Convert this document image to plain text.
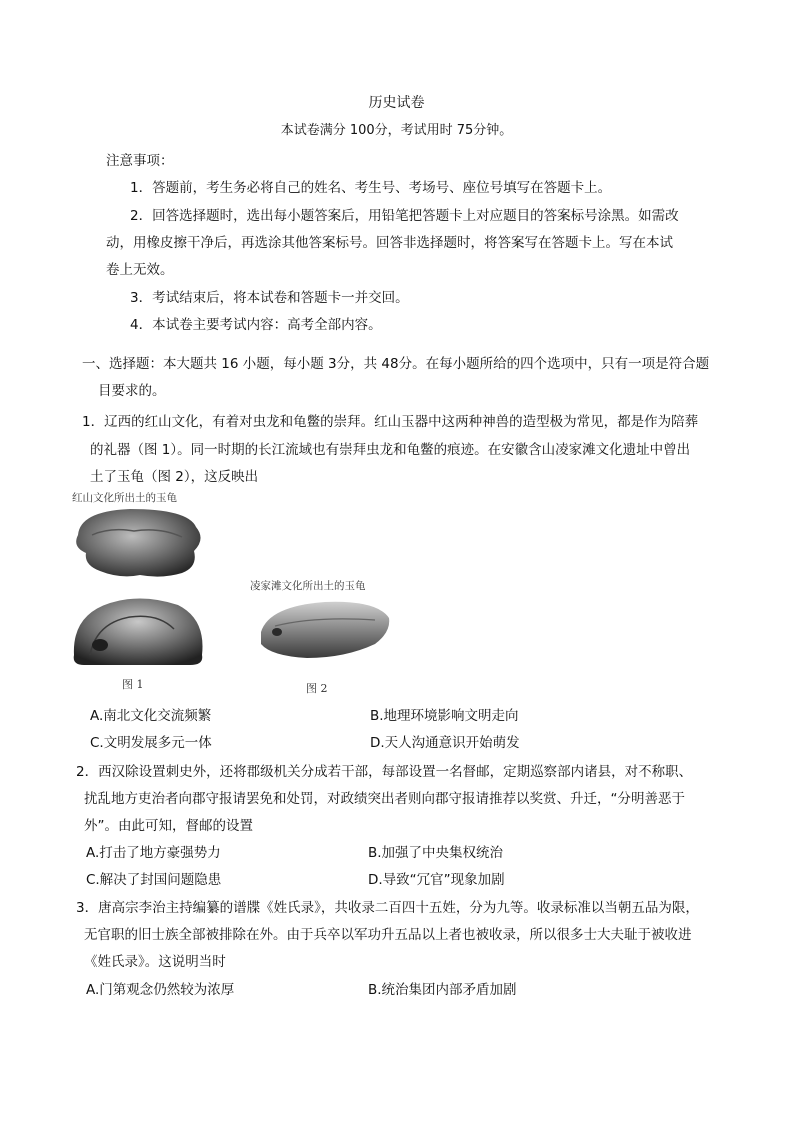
历史试卷
本试卷满分 100分，考试用时 75分钟。
注意事项：
1．答题前，考生务必将自己的姓名、考生号、考场号、座位号填写在答题卡上。
2．回答选择题时，选出每小题答案后，用铅笔把答题卡上对应题目的答案标号涂黑。如需改
动，用橡皮擦干净后，再选涂其他答案标号。回答非选择题时，将答案写在答题卡上。写在本试
卷上无效。
3．考试结束后，将本试卷和答题卡一并交回。
4．本试卷主要考试内容：高考全部内容。
一、选择题：本大题共 16 小题，每小题 3分，共 48分。在每小题所给的四个选项中，只有一项是符合题
目要求的。
1．辽西的红山文化，有着对虫龙和龟鳖的崇拜。红山玉器中这两种神兽的造型极为常见，都是作为陪葬
的礼器（图 1）。同一时期的长江流域也有崇拜虫龙和龟鳖的痕迹。在安徽含山凌家滩文化遗址中曾出
土了玉龟（图 2），这反映出
红山文化所出土的玉龟
凌家滩文化所出土的玉龟
图 1	图 2
A.南北文化交流频繁	B.地理环境影响文明走向
C.文明发展多元一体	D.天人沟通意识开始萌发
2．西汉除设置刺史外，还将郡级机关分成若干部，每部设置一名督邮，定期巡察部内诸县，对不称职、
扰乱地方吏治者向郡守报请罢免和处罚，对政绩突出者则向郡守报请推荐以奖赏、升迁，“分明善恶于
外”。由此可知，督邮的设置
A.打击了地方豪强势力	B.加强了中央集权统治
C.解决了封国问题隐患	D.导致“冗官”现象加剧
3．唐高宗李治主持编纂的谱牒《姓氏录》，共收录二百四十五姓，分为九等。收录标准以当朝五品为限，
无官职的旧士族全部被排除在外。由于兵卒以军功升五品以上者也被收录，所以很多士大夫耻于被收进
《姓氏录》。这说明当时
A.门第观念仍然较为浓厚	B.统治集团内部矛盾加剧
